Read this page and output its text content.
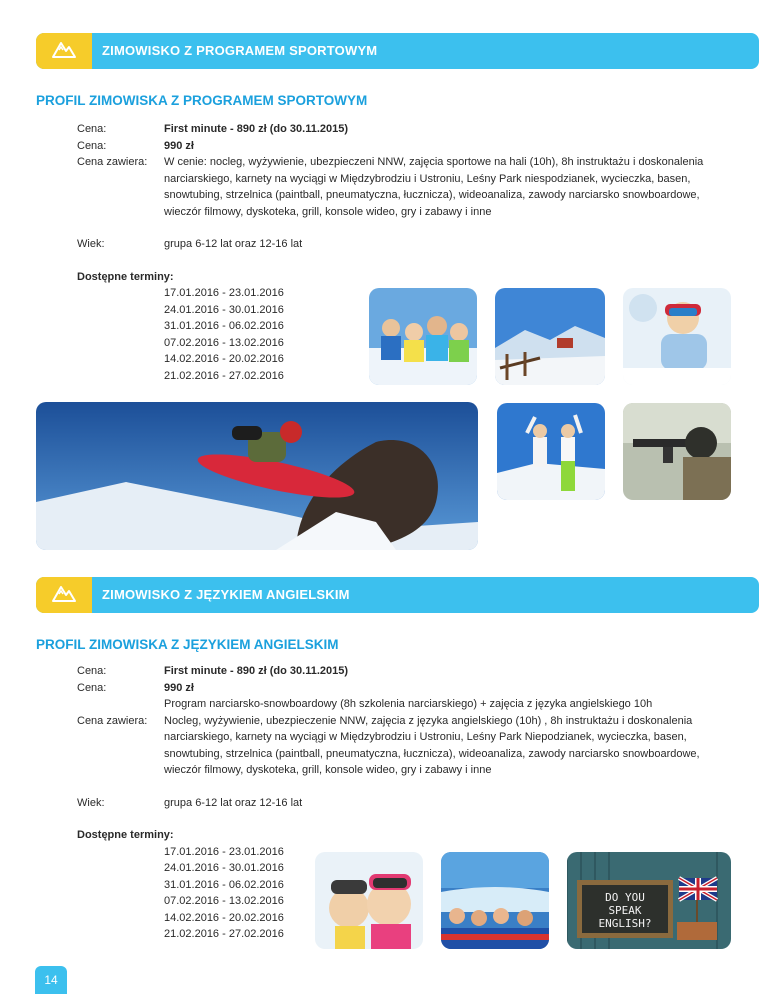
ZIMOWISKO Z PROGRAMEM SPORTOWYM
PROFIL ZIMOWISKA Z PROGRAMEM SPORTOWYM
Cena:	First minute - 890 zł (do 30.11.2015)
Cena:	990 zł
Cena zawiera:	W cenie: nocleg, wyżywienie, ubezpieczeni NNW, zajęcia sportowe na hali (10h), 8h instruktażu i doskonalenia narciarskiego, karnety na wyciągi w Międzybrodziu i Ustroniu, Leśny Park niespodzianek, wycieczka, basen, snowtubing, strzelnica (paintball, pneumatyczna, łucznicza), wideoanaliza, zawody narciarsko snowboardowe, wieczór filmowy, dyskoteka, grill, konsole wideo, gry i zabawy i inne
Wiek:	grupa 6-12 lat oraz 12-16 lat
Dostępne terminy:
17.01.2016 - 23.01.2016
24.01.2016 - 30.01.2016
31.01.2016 - 06.02.2016
07.02.2016 - 13.02.2016
14.02.2016 - 20.02.2016
21.02.2016 - 27.02.2016
ZIMOWISKO Z JĘZYKIEM ANGIELSKIM
PROFIL ZIMOWISKA Z JĘZYKIEM ANGIELSKIM
Cena:	First minute - 890 zł (do 30.11.2015)
Cena:	990 zł
Program narciarsko-snowboardowy (8h szkolenia narciarskiego) + zajęcia z języka angielskiego 10h
Cena zawiera:	Nocleg, wyżywienie, ubezpieczenie NNW, zajęcia z języka angielskiego (10h) , 8h instruktażu i doskonalenia narciarskiego, karnety na wyciągi w Międzybrodziu i Ustroniu, Leśny Park Niepodzianek, wycieczka, basen, snowtubing, strzelnica (paintball, pneumatyczna, łucznicza), wideoanaliza, zawody narciarsko snowboardowe, wieczór filmowy, dyskoteka, grill, konsole wideo, gry i zabawy i inne
Wiek:	grupa 6-12 lat oraz 12-16 lat
Dostępne terminy:
17.01.2016 - 23.01.2016
24.01.2016 - 30.01.2016
31.01.2016 - 06.02.2016
07.02.2016 - 13.02.2016
14.02.2016 - 20.02.2016
21.02.2016 - 27.02.2016
DO YOU
SPEAK
ENGLISH?
14
